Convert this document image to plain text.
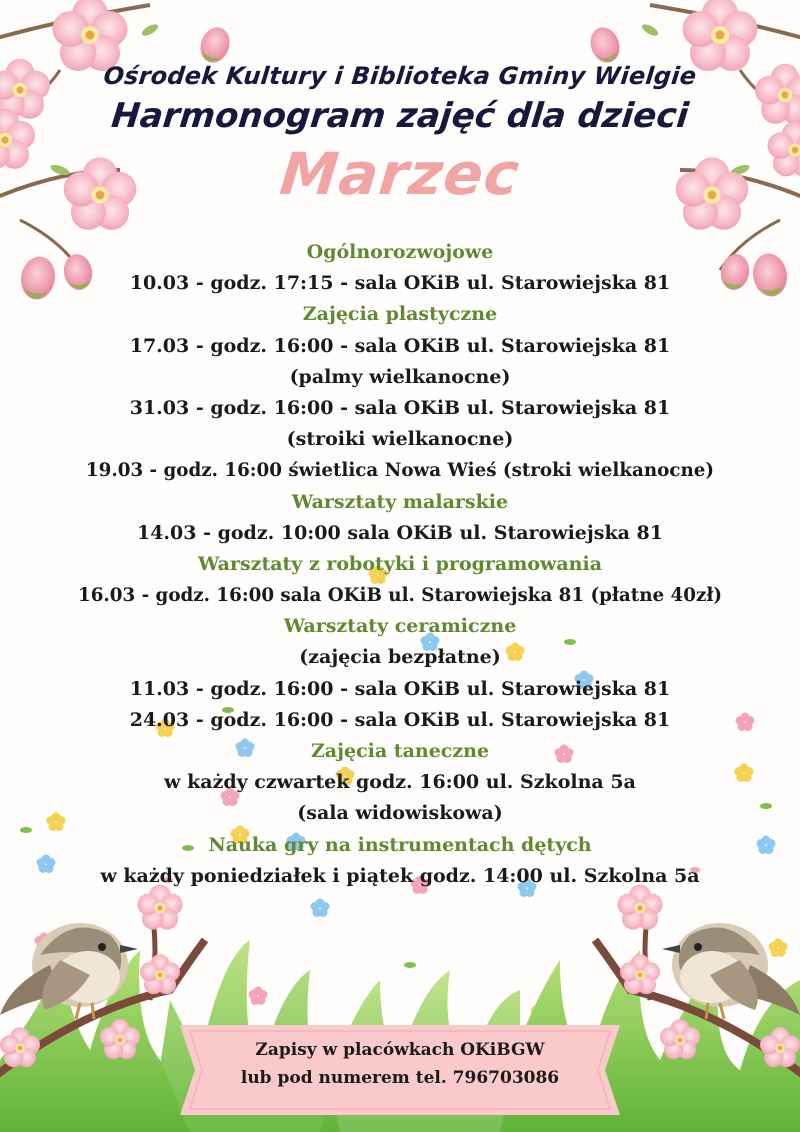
Ośrodek Kultury i Biblioteka Gminy Wielgie
Harmonogram zajęć dla dzieci
Marzec
Ogólnorozwojowe
10.03 - godz. 17:15 - sala OKiB ul. Starowiejska 81
Zajęcia plastyczne
17.03 - godz. 16:00 - sala OKiB ul. Starowiejska 81
(palmy wielkanocne)
31.03 - godz. 16:00 - sala OKiB ul. Starowiejska 81
(stroiki wielkanocne)
19.03 - godz. 16:00 świetlica Nowa Wieś (stroki wielkanocne)
Warsztaty malarskie
14.03 - godz. 10:00 sala OKiB ul. Starowiejska 81
Warsztaty z robotyki i programowania
16.03 - godz. 16:00 sala OKiB ul. Starowiejska 81 (płatne 40zł)
Warsztaty ceramiczne
(zajęcia bezpłatne)
11.03 - godz. 16:00 - sala OKiB ul. Starowiejska 81
24.03 - godz. 16:00 - sala OKiB ul. Starowiejska 81
Zajęcia taneczne
w każdy czwartek godz. 16:00 ul. Szkolna 5a
(sala widowiskowa)
Nauka gry na instrumentach dętych
w każdy poniedziałek i piątek godz. 14:00 ul. Szkolna 5a
Zapisy w placówkach OKiBGW
lub pod numerem tel. 796703086
